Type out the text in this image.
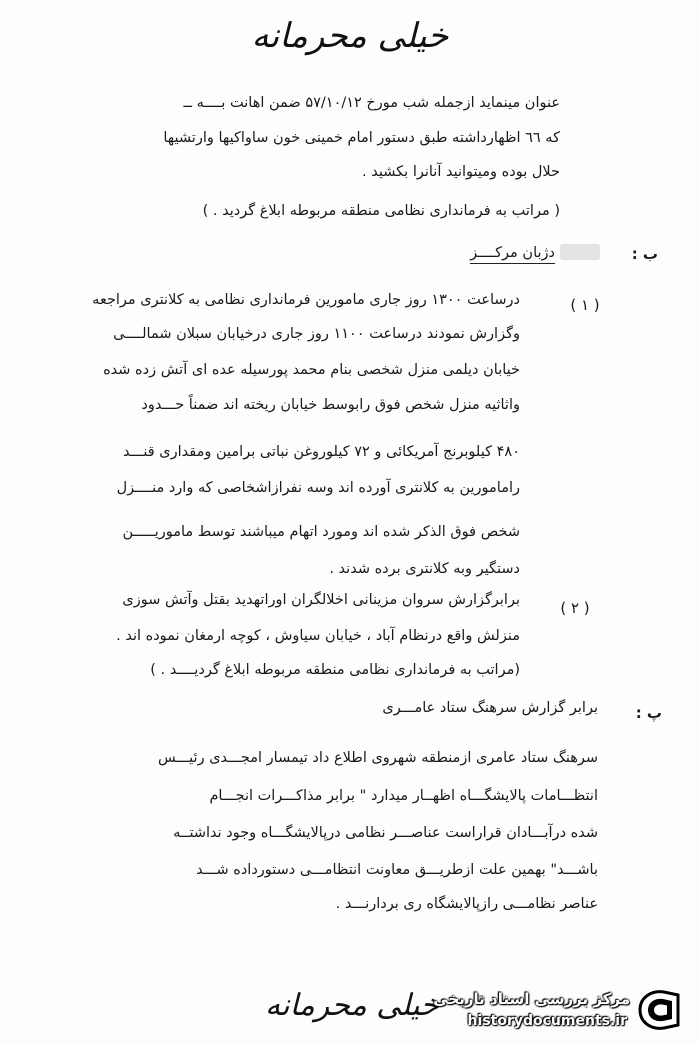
خیلی محرمانه
عنوان مینماید ازجمله شب مورخ ۵۷/۱۰/۱۲ ضمن اهانت بــــه ــ
که ٦٦ اظهارداشته طبق دستور امام خمینی خون ساواکیها وارتشیها
حلال بوده ومیتوانید آنانرا بکشید .
( مراتب به فرمانداری نظامی منطقه مربوطه ابلاغ گردید . )
ب :
دژبان مرکــــز
( ۱ )
درساعت ۱۳۰۰ روز جاری مامورین فرمانداری نظامی به کلانتری مراجعه
وگزارش نمودند درساعت ۱۱۰۰ روز جاری درخیابان سبلان شمالــــی
خیابان دیلمی منزل شخصی بنام محمد پورسیله عده ای آتش زده شده
واثاثیه منزل شخص فوق رابوسط خیابان ریخته اند ضمناً حـــدود
۴۸۰ کیلوبرنج آمریکائی و ۷۲ کیلوروغن نباتی برامین ومقداری قنـــد
رامامورین به کلانتری آورده اند وسه نفرازاشخاصی که وارد منــــزل
شخص فوق الذکر شده اند ومورد اتهام میباشند توسط ماموریـــــن
دستگیر وبه کلانتری برده شدند .
( ۲ )
برابرگزارش سروان مزینانی اخلالگران اوراتهدید بقتل وآتش سوزی
منزلش واقع درنظام آباد ، خیابان سیاوش ، کوچه ارمغان نموده اند .
(مراتب به فرمانداری نظامی منطقه مربوطه ابلاغ گردیــــد . )
پ :
برابر گزارش سرهنگ ستاد عامـــری
سرهنگ ستاد عامری ازمنطقه شهروی اطلاع داد تیمسار امجـــدی رئیـــس
انتظـــامات پالایشگـــاه اظهــار میدارد " برابر مذاکـــرات انجـــام
شده درآبـــادان قراراست عناصـــر نظامی درپالایشگـــاه وجود نداشتــه
باشـــد" بهمین علت ازطریـــق معاونت انتظامـــی دستورداده شـــد
عناصر نظامـــی رازپالایشگاه ری بردارنـــد .
خیلی محرمانه
مرکز بررسی اسناد تاریخی
historydocuments.ir
